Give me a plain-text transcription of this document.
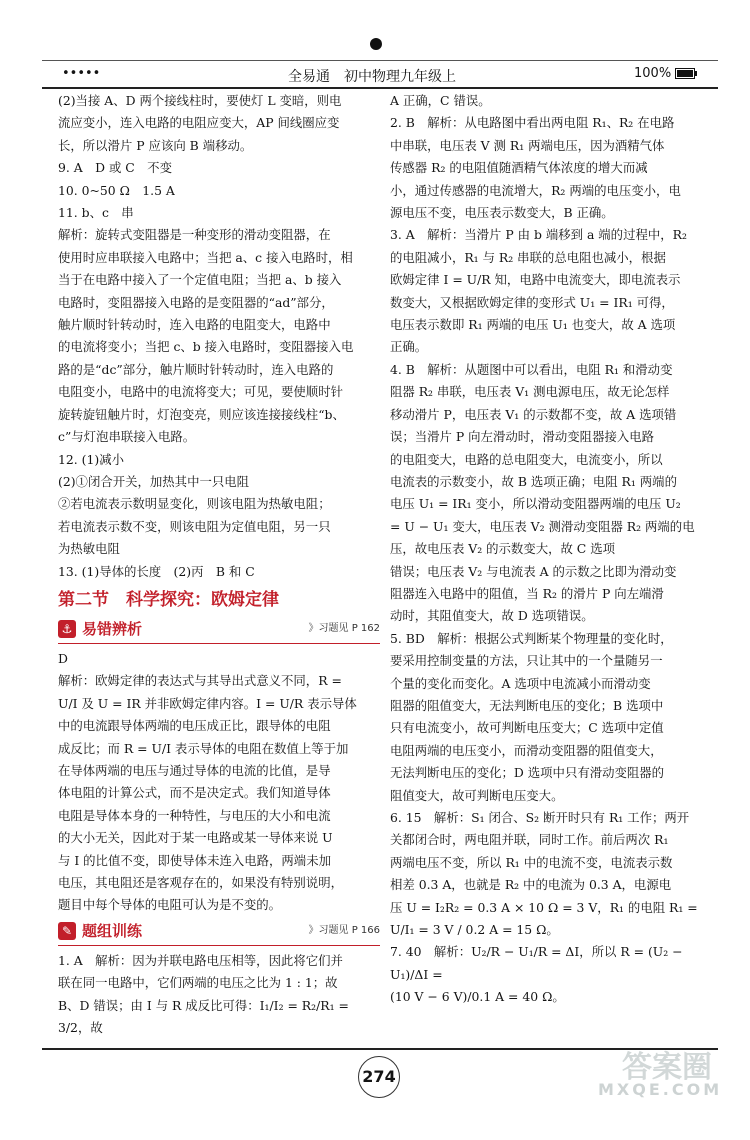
•••••	全易通　初中物理九年级上	100%

(2)当接 A、D 两个接线柱时，要使灯 L 变暗，则电

流应变小，连入电路的电阻应变大，AP 间线圈应变

长，所以滑片 P 应该向 B 端移动。

9. A　D 或 C　不变

10. 0~50 Ω　1.5 A

11. b、c　串

解析：旋转式变阻器是一种变形的滑动变阻器，在

使用时应串联接入电路中；当把 a、c 接入电路时，相

当于在电路中接入了一个定值电阻；当把 a、b 接入

电路时，变阻器接入电路的是变阻器的“ad”部分，

触片顺时针转动时，连入电路的电阻变大，电路中

的电流将变小；当把 c、b 接入电路时，变阻器接入电

路的是“dc”部分，触片顺时针转动时，连入电路的

电阻变小，电路中的电流将变大；可见，要使顺时针

旋转旋钮触片时，灯泡变亮，则应该连接接线柱“b、

c”与灯泡串联接入电路。

12. (1)减小

(2)①闭合开关，加热其中一只电阻

②若电流表示数明显变化，则该电阻为热敏电阻；

若电流表示数不变，则该电阻为定值电阻，另一只

为热敏电阻

13. (1)导体的长度　(2)丙　B 和 C

第二节　科学探究：欧姆定律
⚓ 易错辨析	》习题见 P 162

D

解析：欧姆定律的表达式与其导出式意义不同，R =

U/I 及 U = IR 并非欧姆定律内容。I = U/R 表示导体

中的电流跟导体两端的电压成正比，跟导体的电阻

成反比；而 R = U/I 表示导体的电阻在数值上等于加

在导体两端的电压与通过导体的电流的比值，是导

体电阻的计算公式，而不是决定式。我们知道导体

电阻是导体本身的一种特性，与电压的大小和电流

的大小无关，因此对于某一电路或某一导体来说 U

与 I 的比值不变，即使导体未连入电路，两端未加

电压，其电阻还是客观存在的，如果没有特别说明，

题目中每个导体的电阻可认为是不变的。

✎ 题组训练	》习题见 P 166

1. A　解析：因为并联电路电压相等，因此将它们并

联在同一电路中，它们两端的电压之比为 1 : 1；故

B、D 错误；由 I 与 R 成反比可得：I₁/I₂ = R₂/R₁ = 3/2，故

A 正确，C 错误。

2. B　解析：从电路图中看出两电阻 R₁、R₂ 在电路

中串联，电压表 V 测 R₁ 两端电压，因为酒精气体

传感器 R₂ 的电阻值随酒精气体浓度的增大而减

小，通过传感器的电流增大，R₂ 两端的电压变小，电

源电压不变，电压表示数变大，B 正确。

3. A　解析：当滑片 P 由 b 端移到 a 端的过程中，R₂

的电阻减小，R₁ 与 R₂ 串联的总电阻也减小，根据

欧姆定律 I = U/R 知，电路中电流变大，即电流表示

数变大，又根据欧姆定律的变形式 U₁ = IR₁ 可得，

电压表示数即 R₁ 两端的电压 U₁ 也变大，故 A 选项

正确。

4. B　解析：从题图中可以看出，电阻 R₁ 和滑动变

阻器 R₂ 串联，电压表 V₁ 测电源电压，故无论怎样

移动滑片 P，电压表 V₁ 的示数都不变，故 A 选项错

误；当滑片 P 向左滑动时，滑动变阻器接入电路

的电阻变大，电路的总电阻变大，电流变小，所以

电流表的示数变小，故 B 选项正确；电阻 R₁ 两端的

电压 U₁ = IR₁ 变小，所以滑动变阻器两端的电压 U₂

= U − U₁ 变大，电压表 V₂ 测滑动变阻器 R₂ 两端的电

压，故电压表 V₂ 的示数变大，故 C 选项

错误；电压表 V₂ 与电流表 A 的示数之比即为滑动变

阻器连入电路中的阻值，当 R₂ 的滑片 P 向左端滑

动时，其阻值变大，故 D 选项错误。

5. BD　解析：根据公式判断某个物理量的变化时，

要采用控制变量的方法，只让其中的一个量随另一

个量的变化而变化。A 选项中电流减小而滑动变

阻器的阻值变大，无法判断电压的变化；B 选项中

只有电流变小，故可判断电压变大；C 选项中定值

电阻两端的电压变小，而滑动变阻器的阻值变大，

无法判断电压的变化；D 选项中只有滑动变阻器的

阻值变大，故可判断电压变大。

6. 15　解析：S₁ 闭合、S₂ 断开时只有 R₁ 工作；两开

关都闭合时，两电阻并联，同时工作。前后两次 R₁

两端电压不变，所以 R₁ 中的电流不变，电流表示数

相差 0.3 A，也就是 R₂ 中的电流为 0.3 A，电源电

压 U = I₂R₂ = 0.3 A × 10 Ω = 3 V，R₁ 的电阻 R₁ =

U/I₁ = 3 V / 0.2 A = 15 Ω。

7. 40　解析：U₂/R − U₁/R = ΔI，所以 R = (U₂ − U₁)/ΔI =

(10 V − 6 V)/0.1 A = 40 Ω。

274	答案圈
MXQE.COM
